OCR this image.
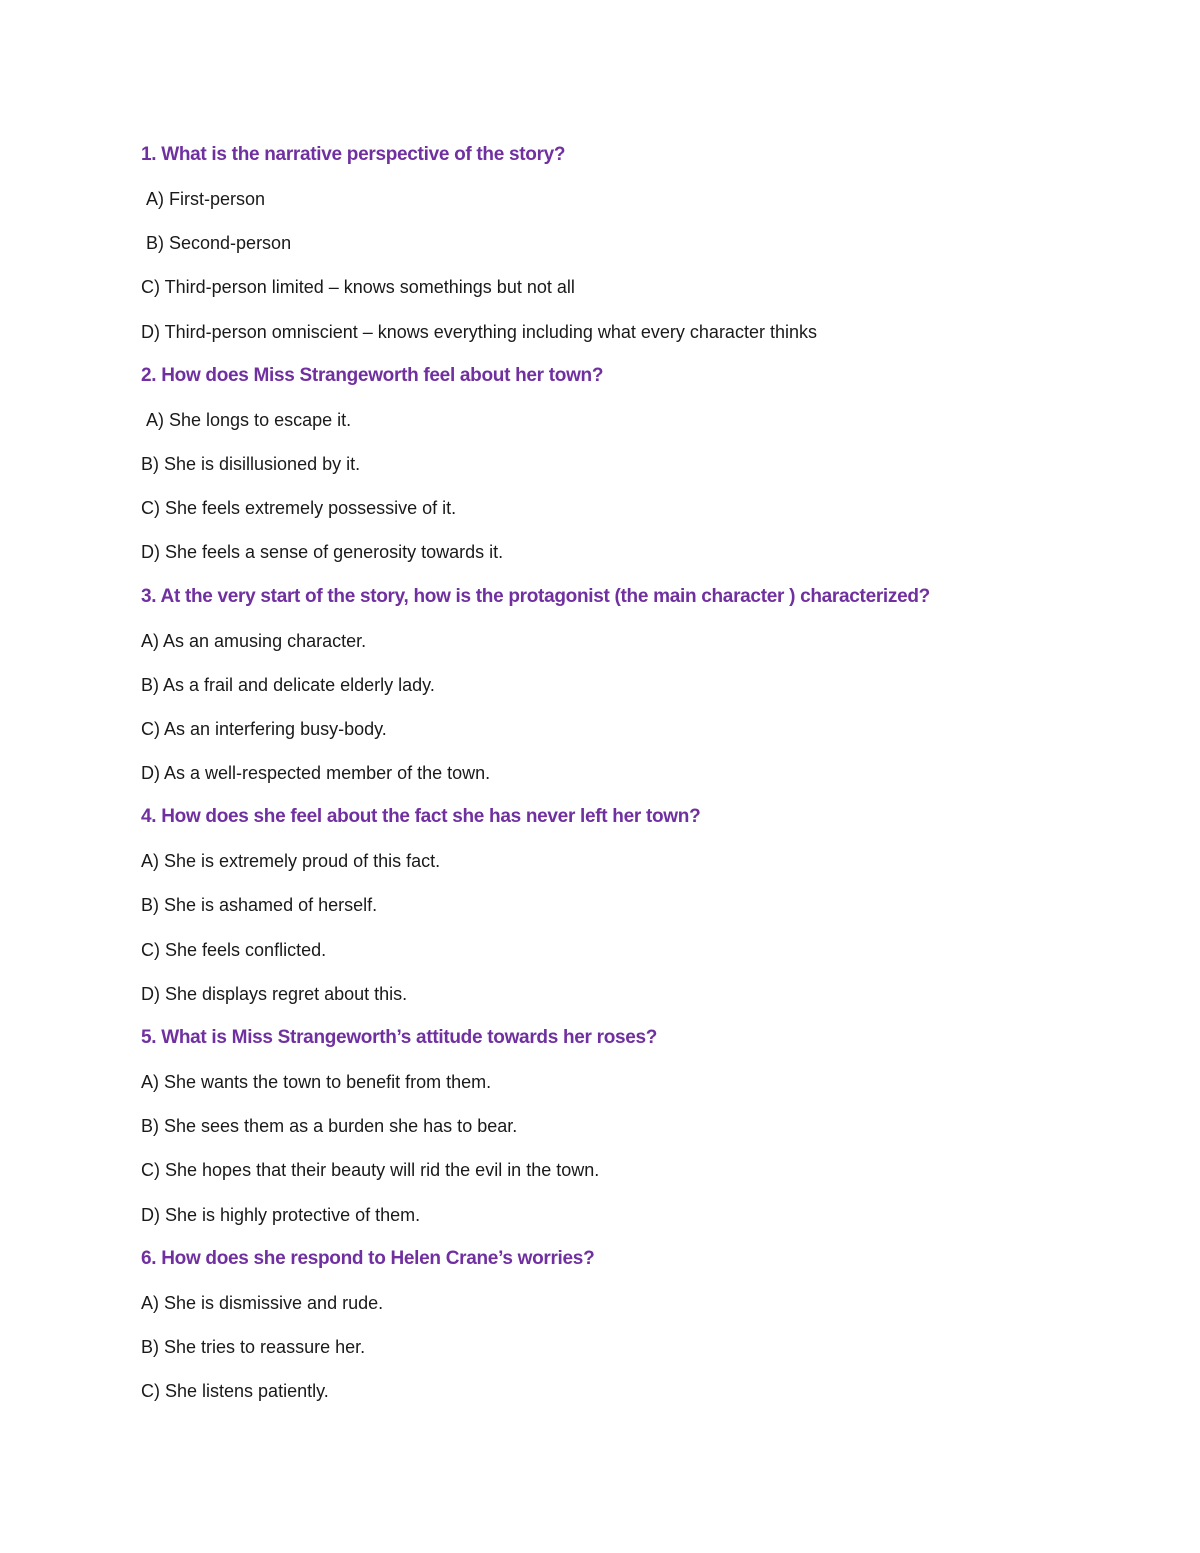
1. What is the narrative perspective of the story?

A) First-person

B) Second-person

C) Third-person limited – knows somethings but not all

D) Third-person omniscient – knows everything including what every character thinks

2. How does Miss Strangeworth feel about her town?

A) She longs to escape it.

B) She is disillusioned by it.

C) She feels extremely possessive of it.

D) She feels a sense of generosity towards it.

3. At the very start of the story, how is the protagonist (the main character ) characterized?

A) As an amusing character.

B) As a frail and delicate elderly lady.

C) As an interfering busy-body.

D) As a well-respected member of the town.

4. How does she feel about the fact she has never left her town?

A) She is extremely proud of this fact.

B) She is ashamed of herself.

C) She feels conflicted.

D) She displays regret about this.

5. What is Miss Strangeworth’s attitude towards her roses?

A) She wants the town to benefit from them.

B) She sees them as a burden she has to bear.

C) She hopes that their beauty will rid the evil in the town.

D) She is highly protective of them.

6. How does she respond to Helen Crane’s worries?

A) She is dismissive and rude.

B) She tries to reassure her.

C) She listens patiently.
